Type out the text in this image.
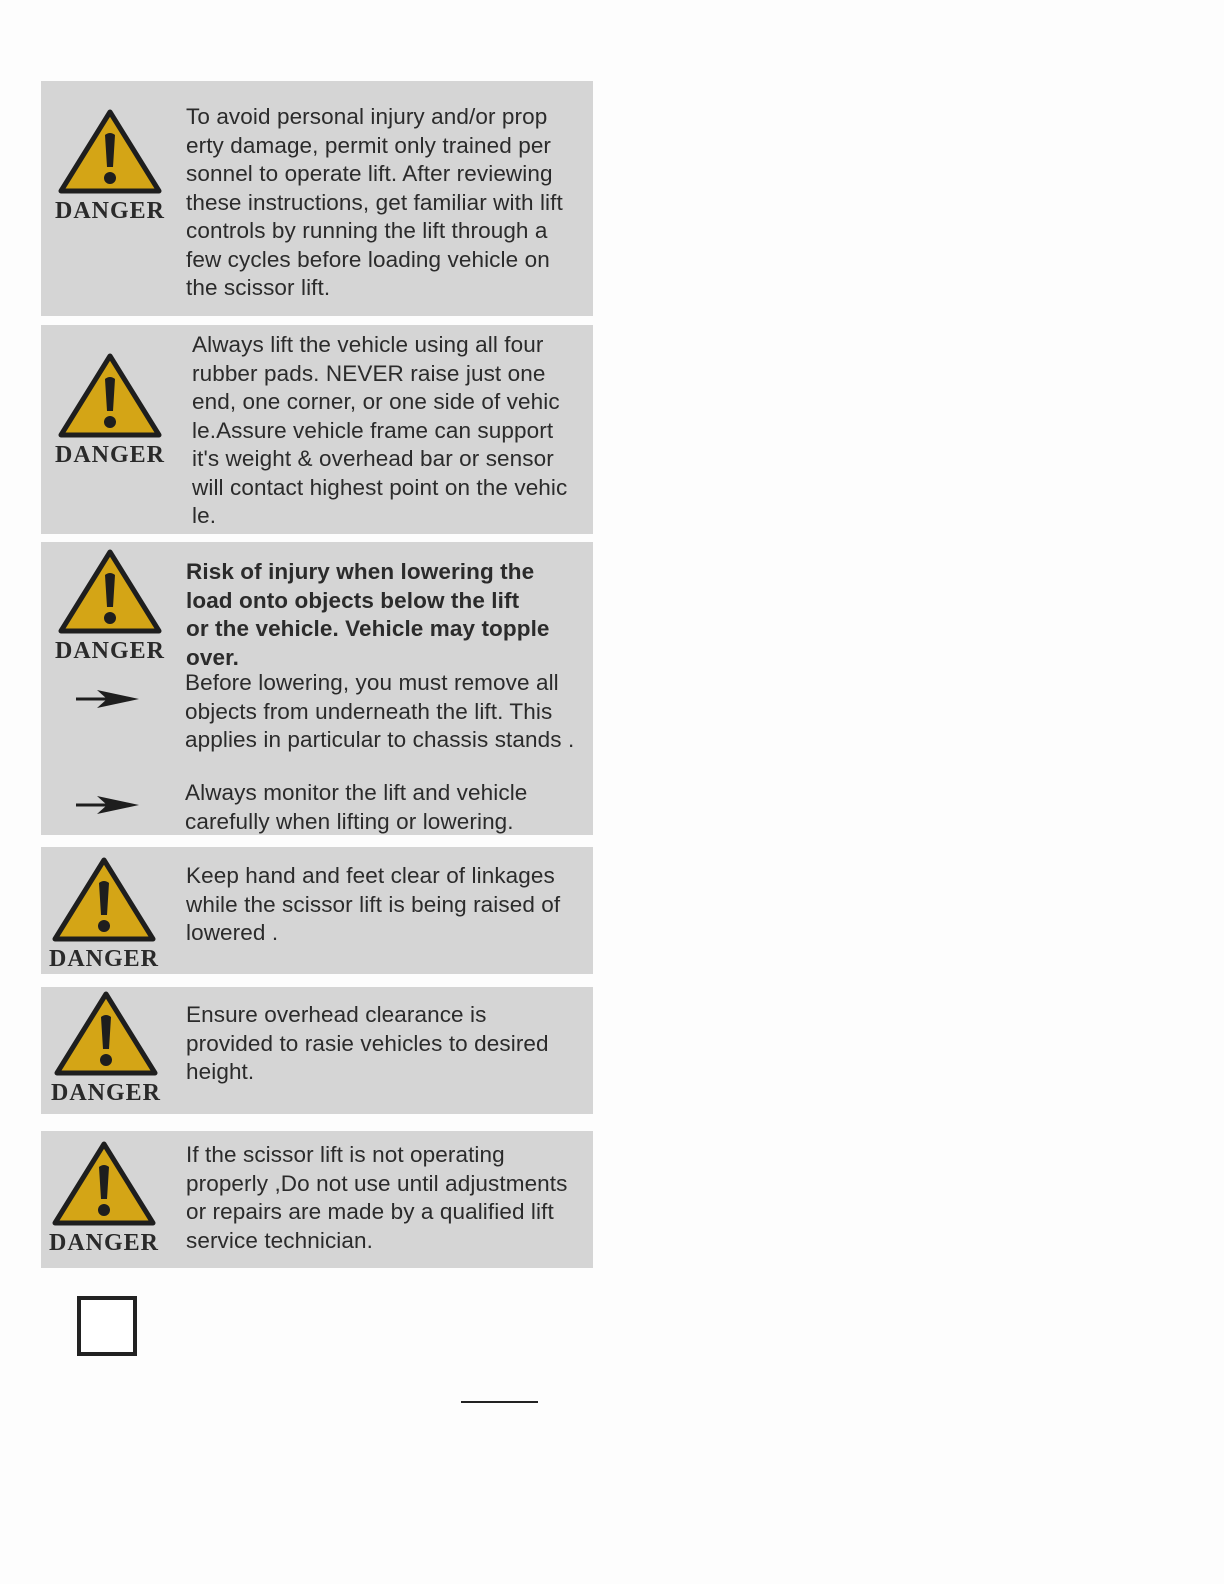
DANGER
To avoid personal injury and/or prop
erty damage, permit only trained per
sonnel to operate lift. After reviewing
these instructions, get familiar with lift
controls by running the lift through a
few cycles before loading vehicle on
the scissor lift.
DANGER
Always lift the vehicle using all four
rubber pads. NEVER raise just one
end, one corner, or one side of vehic
le.Assure vehicle frame can support
it's weight & overhead bar or sensor
will contact highest point on the vehic
le.
DANGER
Risk of injury when lowering the
load onto objects below the lift
or the vehicle. Vehicle may topple
over.
Before lowering, you must remove all
objects from underneath the lift. This
applies in particular to chassis stands .
Always monitor the lift and vehicle
carefully when lifting or lowering.
DANGER
Keep hand and feet clear of linkages
while the scissor lift is being raised of
lowered .
DANGER
Ensure overhead clearance is
provided to rasie vehicles to desired
height.
DANGER
If the scissor lift is not operating
properly ,Do not use until adjustments
or repairs are made by a qualified lift
service technician.
